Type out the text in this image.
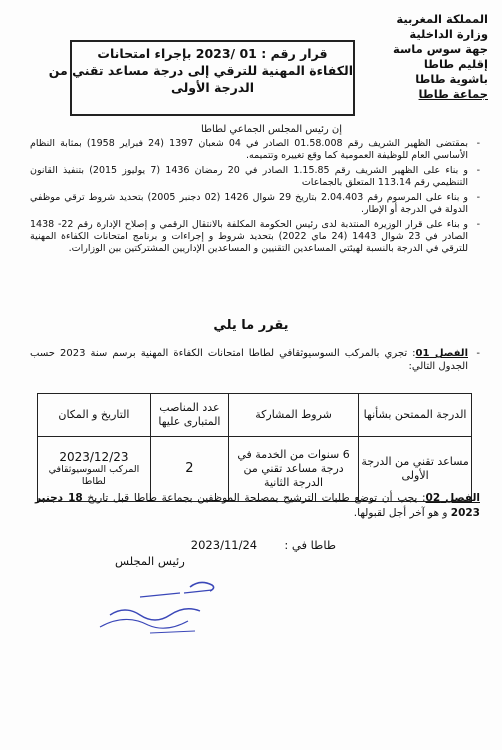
المملكة المغربية
وزارة الداخلية
جهة سوس ماسة
إقليم طاطا
باشوية طاطا
جماعة طاطا
قرار رقم : 01 /2023 بإجراء امتحانات
الكفاءة المهنية للترقي إلى درجة مساعد تقني من
الدرجة الأولى
إن رئيس المجلس الجماعي لطاطا
- بمقتضى الظهير الشريف رقم 01.58.008 الصادر في 04 شعبان 1397 (24 فبراير 1958) بمثابة النظام الأساسي العام للوظيفة العمومية كما وقع تغييره وتتميمه.
- و بناء على الظهير الشريف رقم 1.15.85 الصادر في 20 رمضان 1436 (7 يوليوز 2015) بتنفيذ القانون التنظيمي رقم 113.14 المتعلق بالجماعات
- و بناء على المرسوم رقم 2.04.403 بتاريخ 29 شوال 1426 (02 دجنبر 2005) بتحديد شروط ترقي موظفي الدولة في الدرجة أو الإطار.
- و بناء على قرار الوزيرة المنتدبة لدى رئيس الحكومة المكلفة بالانتقال الرقمي و إصلاح الإدارة رقم 22- 1438 الصادر في 23 شوال 1443 (24 ماي 2022) بتحديد شروط و إجراءات و برنامج امتحانات الكفاءة المهنية للترقي في الدرجة بالنسبة لهيئتي المساعدين التقنيين و المساعدين الإداريين المشتركتين بين الوزارات.
يقرر ما يلي
-
الفصل 01: تجري بالمركب السوسيوثقافي لطاطا امتحانات الكفاءة المهنية برسم سنة 2023 حسب الجدول التالي:
الدرجة الممتحن بشأنها	شروط المشاركة	عدد المناصب المتبارى عليها	التاريخ و المكان
مساعد تقني من الدرجة الأولى	6 سنوات من الخدمة في درجة مساعد تقني من الدرجة الثانية	2	2023/12/23
المركب السوسيوثقافي لطاطا
الفصل 02: يجب أن توضع طلبات الترشيح بمصلحة الموظفين بجماعة طاطا قبل تاريخ 18 دجنبر 2023 و هو آخر أجل لقبولها.
طاطا في :  2023/11/24
رئيس المجلس
